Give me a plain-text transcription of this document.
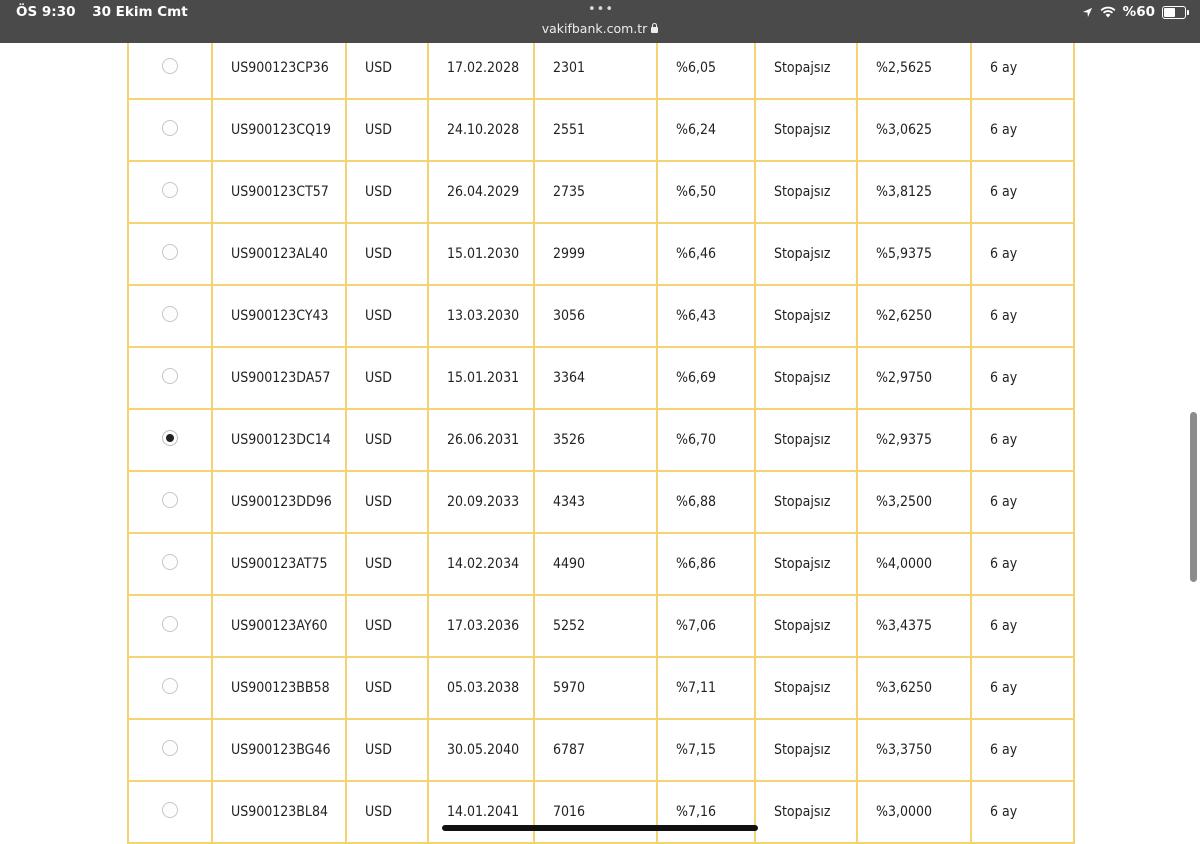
ÖS 9:30 30 Ekim Cmt	•••
vakifbank.com.tr
%60
	US900123CP36	USD	17.02.2028	2301	%6,05	Stopajsız	%2,5625	6 ay
	US900123CQ19	USD	24.10.2028	2551	%6,24	Stopajsız	%3,0625	6 ay
	US900123CT57	USD	26.04.2029	2735	%6,50	Stopajsız	%3,8125	6 ay
	US900123AL40	USD	15.01.2030	2999	%6,46	Stopajsız	%5,9375	6 ay
	US900123CY43	USD	13.03.2030	3056	%6,43	Stopajsız	%2,6250	6 ay
	US900123DA57	USD	15.01.2031	3364	%6,69	Stopajsız	%2,9750	6 ay
	US900123DC14	USD	26.06.2031	3526	%6,70	Stopajsız	%2,9375	6 ay
	US900123DD96	USD	20.09.2033	4343	%6,88	Stopajsız	%3,2500	6 ay
	US900123AT75	USD	14.02.2034	4490	%6,86	Stopajsız	%4,0000	6 ay
	US900123AY60	USD	17.03.2036	5252	%7,06	Stopajsız	%3,4375	6 ay
	US900123BB58	USD	05.03.2038	5970	%7,11	Stopajsız	%3,6250	6 ay
	US900123BG46	USD	30.05.2040	6787	%7,15	Stopajsız	%3,3750	6 ay
	US900123BL84	USD	14.01.2041	7016	%7,16	Stopajsız	%3,0000	6 ay
